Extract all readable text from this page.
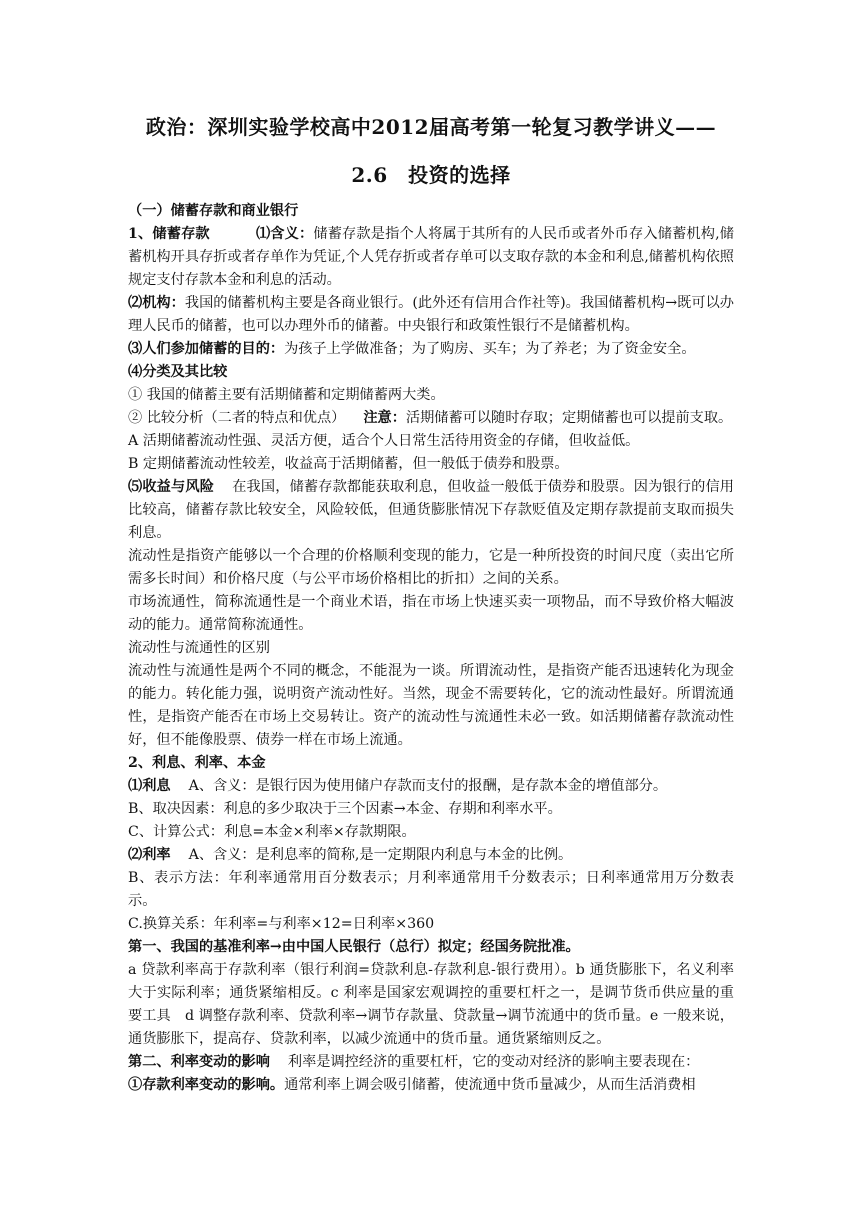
政治：深圳实验学校高中2012届高考第一轮复习教学讲义——
2.6　投资的选择

（一）储蓄存款和商业银行

1、储蓄存款	⑴含义：储蓄存款是指个人将属于其所有的人民币或者外币存入储蓄机构,储蓄机构开具存折或者存单作为凭证,个人凭存折或者存单可以支取存款的本金和利息,储蓄机构依照规定支付存款本金和利息的活动。

⑵机构：我国的储蓄机构主要是各商业银行。(此外还有信用合作社等)。我国储蓄机构→既可以办理人民币的储蓄，也可以办理外币的储蓄。中央银行和政策性银行不是储蓄机构。

⑶人们参加储蓄的目的：为孩子上学做准备；为了购房、买车；为了养老；为了资金安全。

⑷分类及其比较

① 我国的储蓄主要有活期储蓄和定期储蓄两大类。

② 比较分析（二者的特点和优点） 注意：活期储蓄可以随时存取；定期储蓄也可以提前支取。

A 活期储蓄流动性强、灵活方便，适合个人日常生活待用资金的存储，但收益低。

B 定期储蓄流动性较差，收益高于活期储蓄，但一般低于债券和股票。

⑸收益与风险 在我国，储蓄存款都能获取利息，但收益一般低于债券和股票。因为银行的信用比较高，储蓄存款比较安全，风险较低，但通货膨胀情况下存款贬值及定期存款提前支取而损失利息。

流动性是指资产能够以一个合理的价格顺利变现的能力，它是一种所投资的时间尺度（卖出它所需多长时间）和价格尺度（与公平市场价格相比的折扣）之间的关系。

市场流通性，简称流通性是一个商业术语，指在市场上快速买卖一项物品，而不导致价格大幅波动的能力。通常简称流通性。

流动性与流通性的区别

流动性与流通性是两个不同的概念，不能混为一谈。所谓流动性，是指资产能否迅速转化为现金的能力。转化能力强，说明资产流动性好。当然，现金不需要转化，它的流动性最好。所谓流通性，是指资产能否在市场上交易转让。资产的流动性与流通性未必一致。如活期储蓄存款流动性好，但不能像股票、债券一样在市场上流通。

2、利息、利率、本金

⑴利息 A、含义：是银行因为使用储户存款而支付的报酬，是存款本金的增值部分。

B、取决因素：利息的多少取决于三个因素→本金、存期和利率水平。

C、计算公式：利息=本金×利率×存款期限。

⑵利率 A、含义：是利息率的简称,是一定期限内利息与本金的比例。

B、表示方法：年利率通常用百分数表示；月利率通常用千分数表示；日利率通常用万分数表示。

C.换算关系：年利率=与利率×12=日利率×360

第一、我国的基准利率→由中国人民银行（总行）拟定；经国务院批准。

a 贷款利率高于存款利率（银行利润=贷款利息-存款利息-银行费用）。b 通货膨胀下，名义利率大于实际利率；通货紧缩相反。c 利率是国家宏观调控的重要杠杆之一，是调节货币供应量的重要工具　d 调整存款利率、贷款利率→调节存款量、贷款量→调节流通中的货币量。e 一般来说，通货膨胀下，提高存、贷款利率，以减少流通中的货币量。通货紧缩则反之。

第二、利率变动的影响 利率是调控经济的重要杠杆，它的变动对经济的影响主要表现在：

①存款利率变动的影响。通常利率上调会吸引储蓄，使流通中货币量减少，从而生活消费相
